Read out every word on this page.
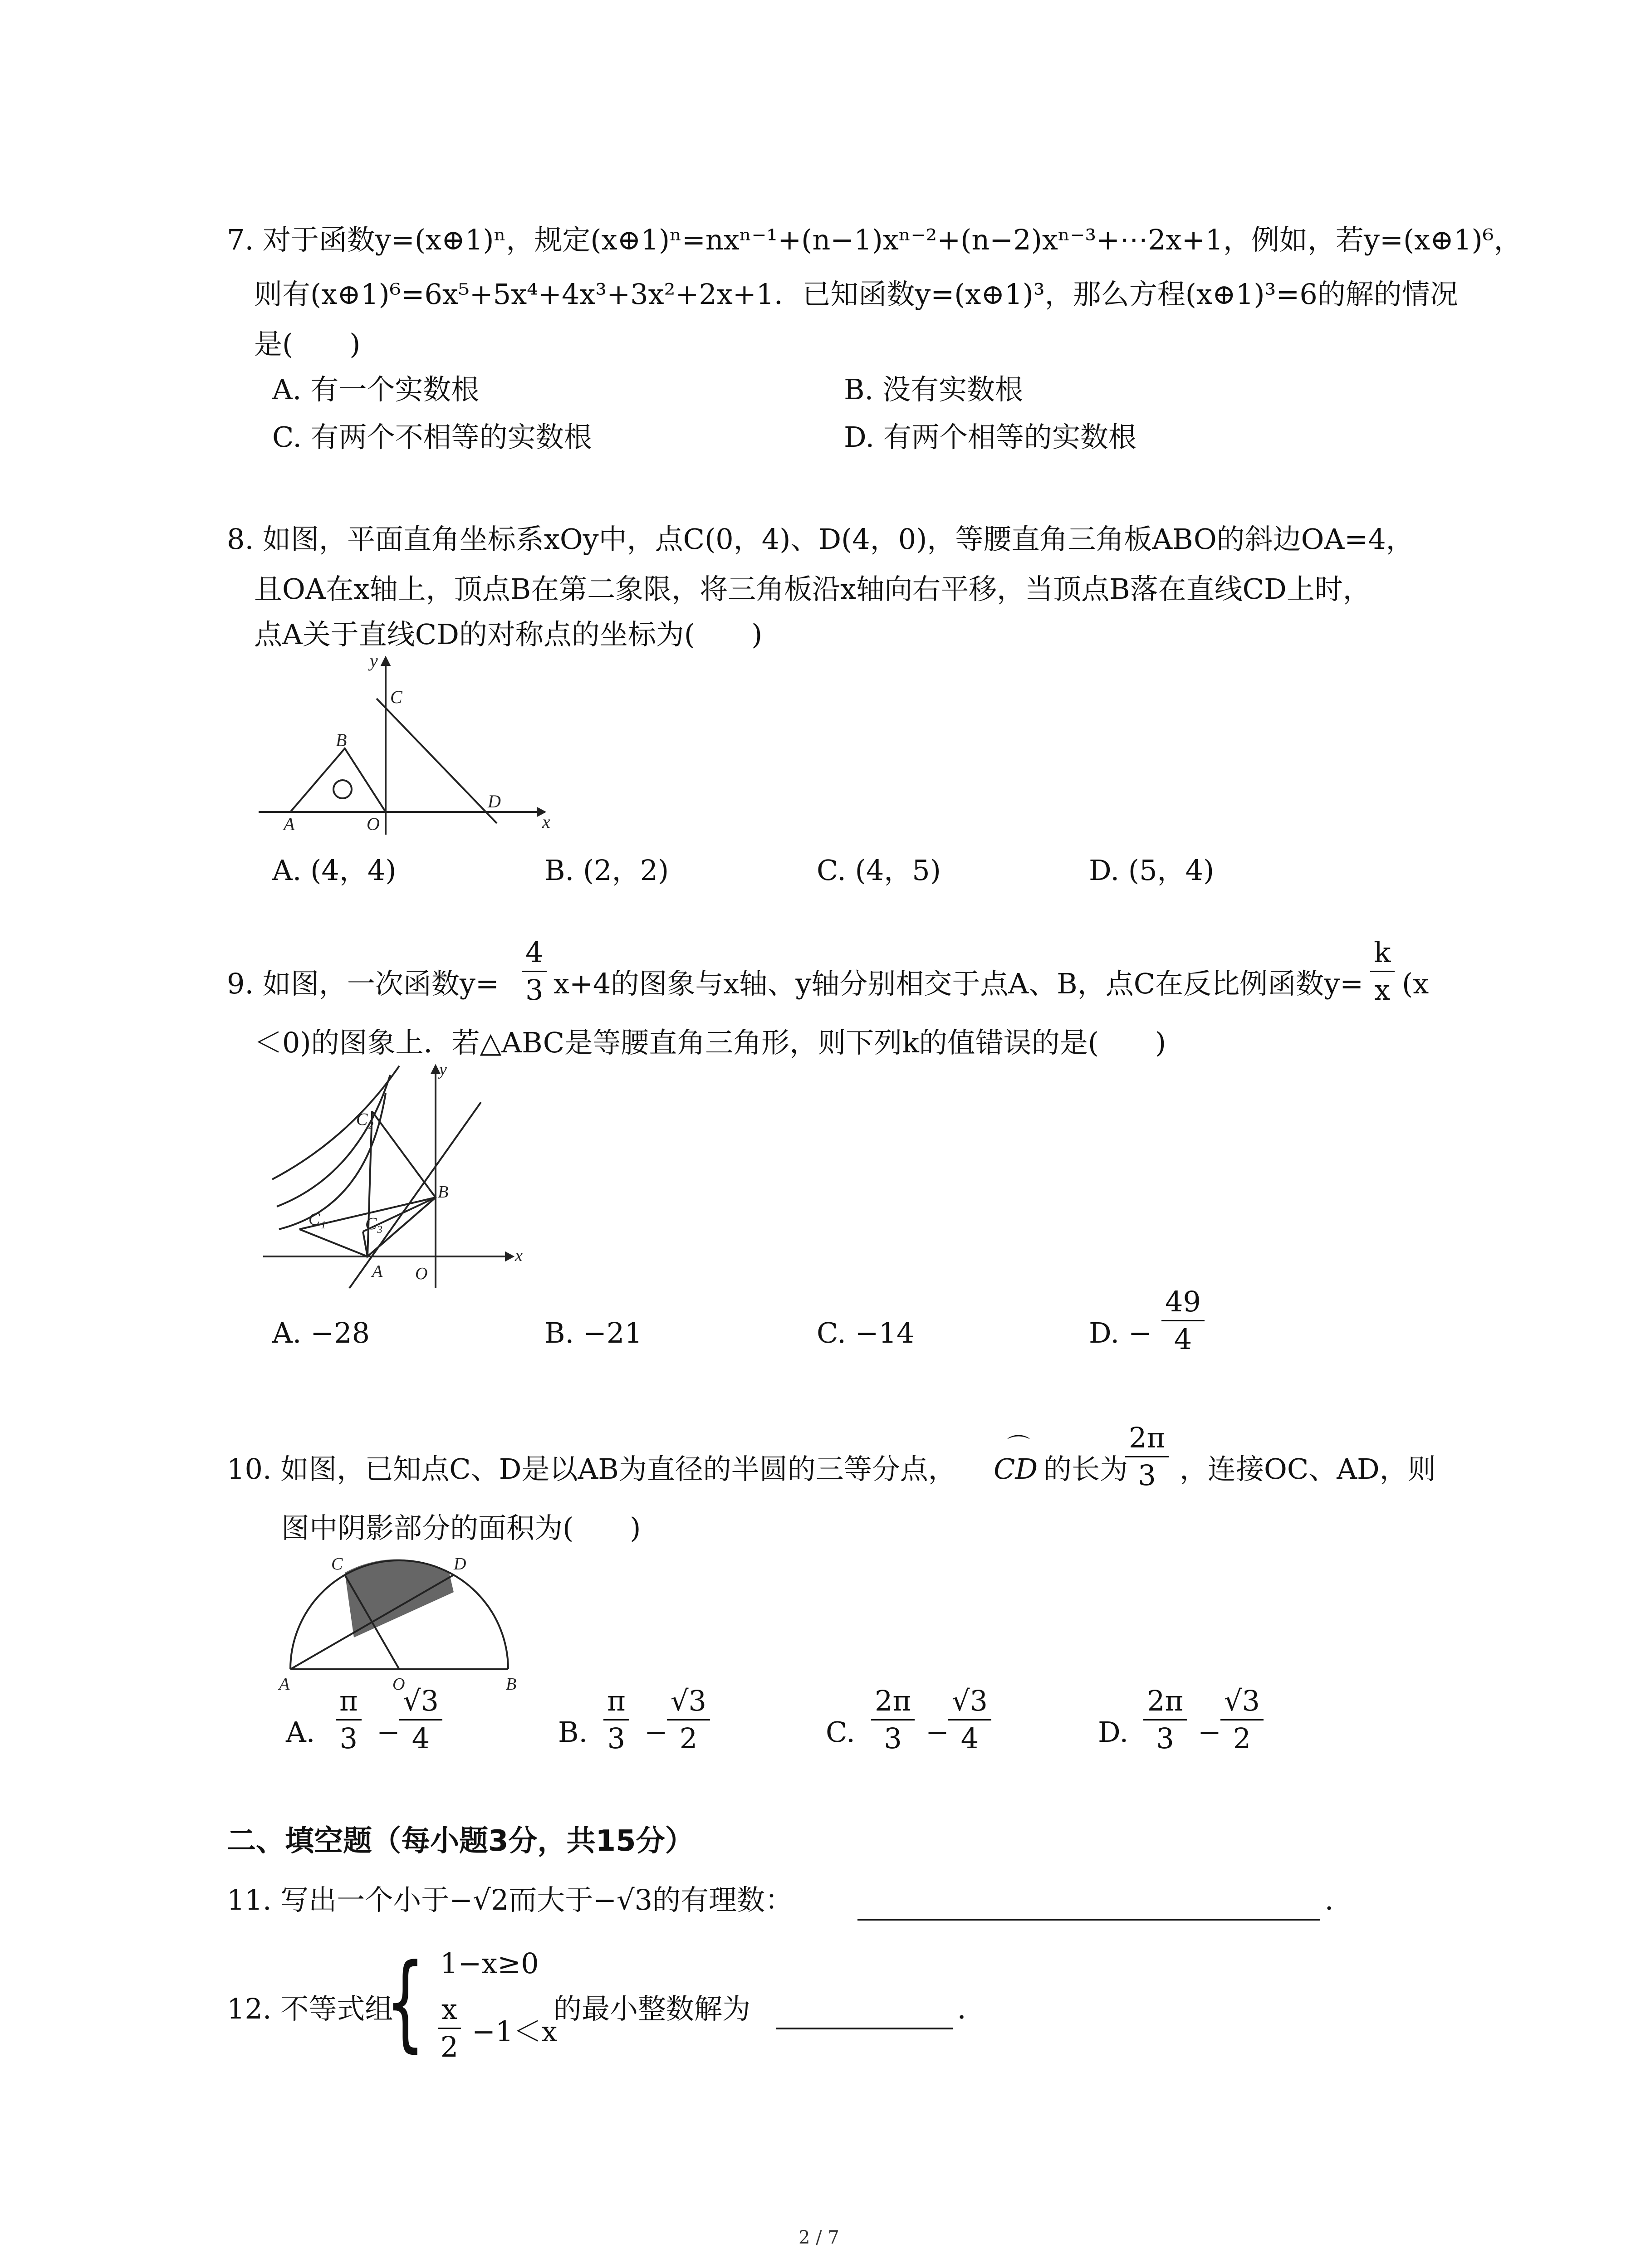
7. 对于函数y=(x⊕1)ⁿ，规定(x⊕1)ⁿ=nxⁿ⁻¹+(n−1)xⁿ⁻²+(n−2)xⁿ⁻³+⋯2x+1，例如，若y=(x⊕1)⁶，
则有(x⊕1)⁶=6x⁵+5x⁴+4x³+3x²+2x+1．已知函数y=(x⊕1)³，那么方程(x⊕1)³=6的解的情况
是(　　)
A. 有一个实数根	B. 没有实数根
C. 有两个不相等的实数根	D. 有两个相等的实数根
8. 如图，平面直角坐标系xOy中，点C(0，4)、D(4，0)，等腰直角三角板ABO的斜边OA=4，
且OA在x轴上，顶点B在第二象限，将三角板沿x轴向右平移，当顶点B落在直线CD上时，
点A关于直线CD的对称点的坐标为(　　)
y
C
B
A	O
D
x
A. (4，4)	B. (2，2)	C. (4，5)	D. (5，4)
9. 如图，一次函数$y= \frac{4}{3} x+4$的图象与x轴、y轴分别相交于点A、B，点C在反比例函数$y= \frac{k}{x} (x$
＜0)的图象上．若△ABC是等腰直角三角形，则下列k的值错误的是(　　)
y
C₂
B
C₁ C₃
A O
x
A. −28	B. −21	C. −14	D. − $\frac{49}{4}$
10. 如图，已知点C、D是以AB为直径的半圆的三等分点，
⌒
CD 的长为
$\frac{2\pi}{3}$ ，连接OC、AD，则
图中阴影部分的面积为(　　)
C	D
A	O	B
A. $\frac{\pi}{3}$ −
$\frac{√3}{4}$	B. $\frac{\pi}{3}$ −
$\frac{√3}{2}$	C. $\frac{2\pi}{3}$ −
$\frac{√3}{4}$	D. $\frac{2\pi}{3}$ −
$\frac{√3}{2}$
二、填空题（每小题3分，共15分）
11. 写出一个小于−√2而大于−√3的有理数：	．
12. 不等式组
{ 1−x≥0
$\frac{x}{2} -1<x$
的最小整数解为	．
2 / 7
